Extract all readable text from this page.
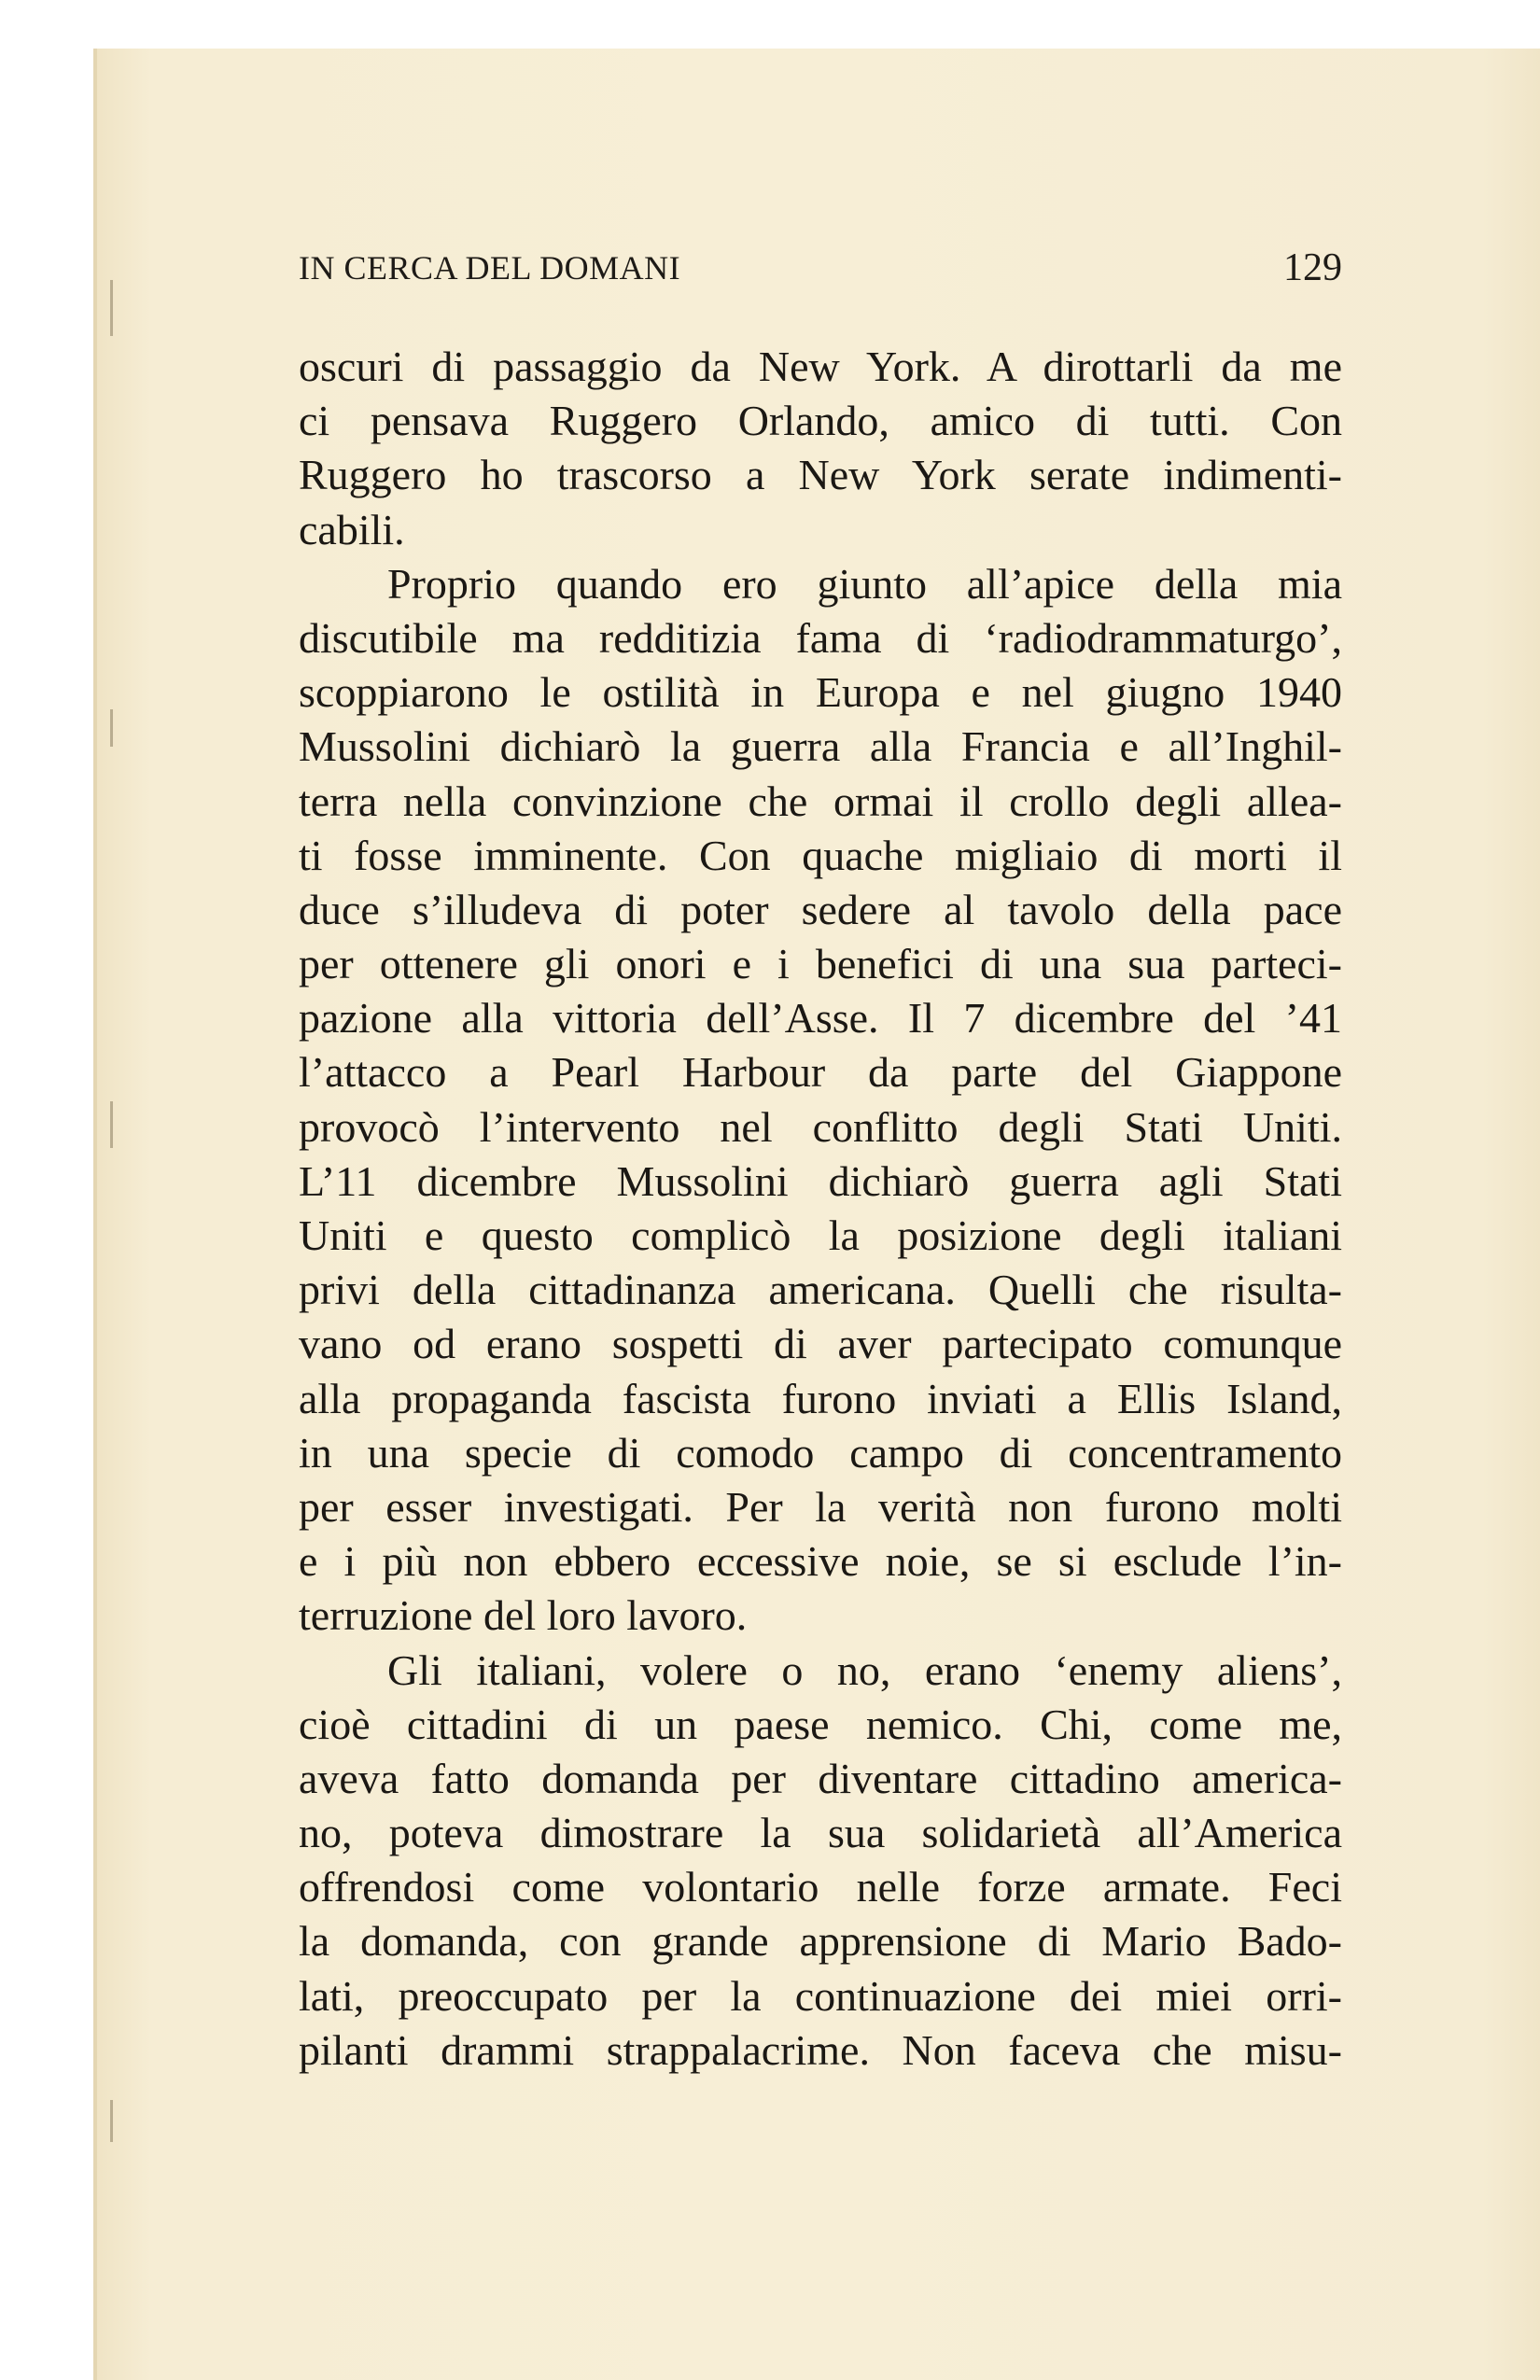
IN CERCA DEL DOMANI	129
oscuri di passaggio da New York. A dirottarli da me
ci pensava Ruggero Orlando, amico di tutti. Con
Ruggero ho trascorso a New York serate indimenti-
cabili.
Proprio quando ero giunto all’apice della mia
discutibile ma redditizia fama di ‘radiodrammaturgo’,
scoppiarono le ostilità in Europa e nel giugno 1940
Mussolini dichiarò la guerra alla Francia e all’Inghil-
terra nella convinzione che ormai il crollo degli allea-
ti fosse imminente. Con quache migliaio di morti il
duce s’illudeva di poter sedere al tavolo della pace
per ottenere gli onori e i benefici di una sua parteci-
pazione alla vittoria dell’Asse. Il 7 dicembre del ’41
l’attacco a Pearl Harbour da parte del Giappone
provocò l’intervento nel conflitto degli Stati Uniti.
L’11 dicembre Mussolini dichiarò guerra agli Stati
Uniti e questo complicò la posizione degli italiani
privi della cittadinanza americana. Quelli che risulta-
vano od erano sospetti di aver partecipato comunque
alla propaganda fascista furono inviati a Ellis Island,
in una specie di comodo campo di concentramento
per esser investigati. Per la verità non furono molti
e i più non ebbero eccessive noie, se si esclude l’in-
terruzione del loro lavoro.
Gli italiani, volere o no, erano ‘enemy aliens’,
cioè cittadini di un paese nemico. Chi, come me,
aveva fatto domanda per diventare cittadino america-
no, poteva dimostrare la sua solidarietà all’America
offrendosi come volontario nelle forze armate. Feci
la domanda, con grande apprensione di Mario Bado-
lati, preoccupato per la continuazione dei miei orri-
pilanti drammi strappalacrime. Non faceva che misu-
